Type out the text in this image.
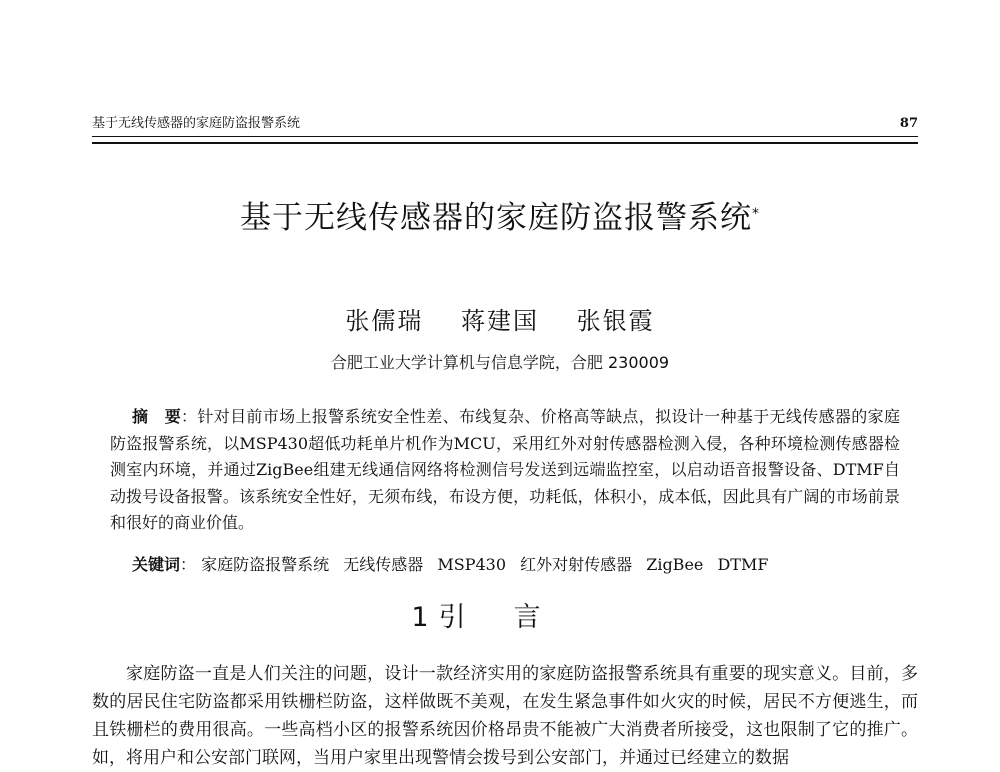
基于无线传感器的家庭防盗报警系统	87
基于无线传感器的家庭防盗报警系统*
张儒瑞 蒋建国 张银霞
合肥工业大学计算机与信息学院，合肥 230009
摘　要：针对目前市场上报警系统安全性差、布线复杂、价格高等缺点，拟设计一种基于无线传感器的家庭防盗报警系统，以MSP430超低功耗单片机作为MCU，采用红外对射传感器检测入侵，各种环境检测传感器检测室内环境，并通过ZigBee组建无线通信网络将检测信号发送到远端监控室，以启动语音报警设备、DTMF自动拨号设备报警。该系统安全性好，无须布线，布设方便，功耗低，体积小，成本低，因此具有广阔的市场前景和很好的商业价值。
关键词： 家庭防盗报警系统 无线传感器 MSP430 红外对射传感器 ZigBee DTMF
1 引言
家庭防盗一直是人们关注的问题，设计一款经济实用的家庭防盗报警系统具有重要的现实意义。目前，多数的居民住宅防盗都采用铁栅栏防盗，这样做既不美观，在发生紧急事件如火灾的时候，居民不方便逃生，而且铁栅栏的费用很高。一些高档小区的报警系统因价格昂贵不能被广大消费者所接受，这也限制了它的推广。如，将用户和公安部门联网，当用户家里出现警情会拨号到公安部门，并通过已经建立的数据
